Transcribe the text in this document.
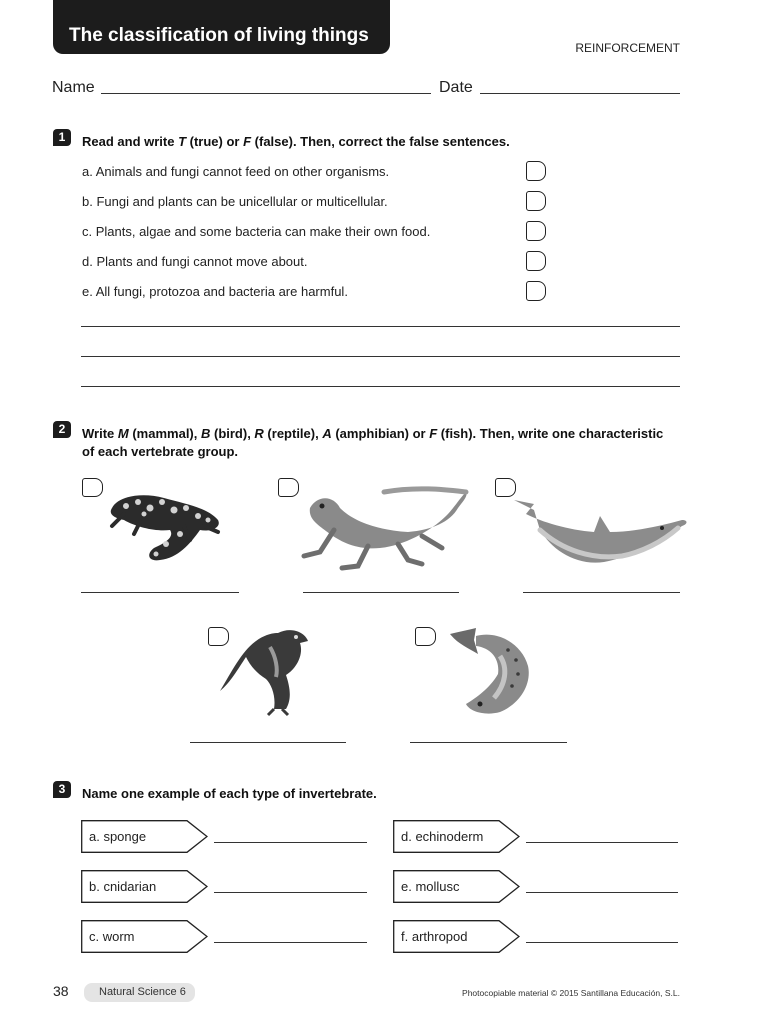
The classification of living things
REINFORCEMENT
Name	Date
1	Read and write T (true) or F (false). Then, correct the false sentences.
a. Animals and fungi cannot feed on other organisms.
b. Fungi and plants can be unicellular or multicellular.
c. Plants, algae and some bacteria can make their own food.
d. Plants and fungi cannot move about.
e. All fungi, protozoa and bacteria are harmful.
2	Write M (mammal), B (bird), R (reptile), A (amphibian) or F (fish). Then, write one characteristic
of each vertebrate group.
3	Name one example of each type of invertebrate.
a. sponge
b. cnidarian
c. worm
d. echinoderm
e. mollusc
f. arthropod
38	Natural Science 6	Photocopiable material © 2015 Santillana Educación, S.L.
